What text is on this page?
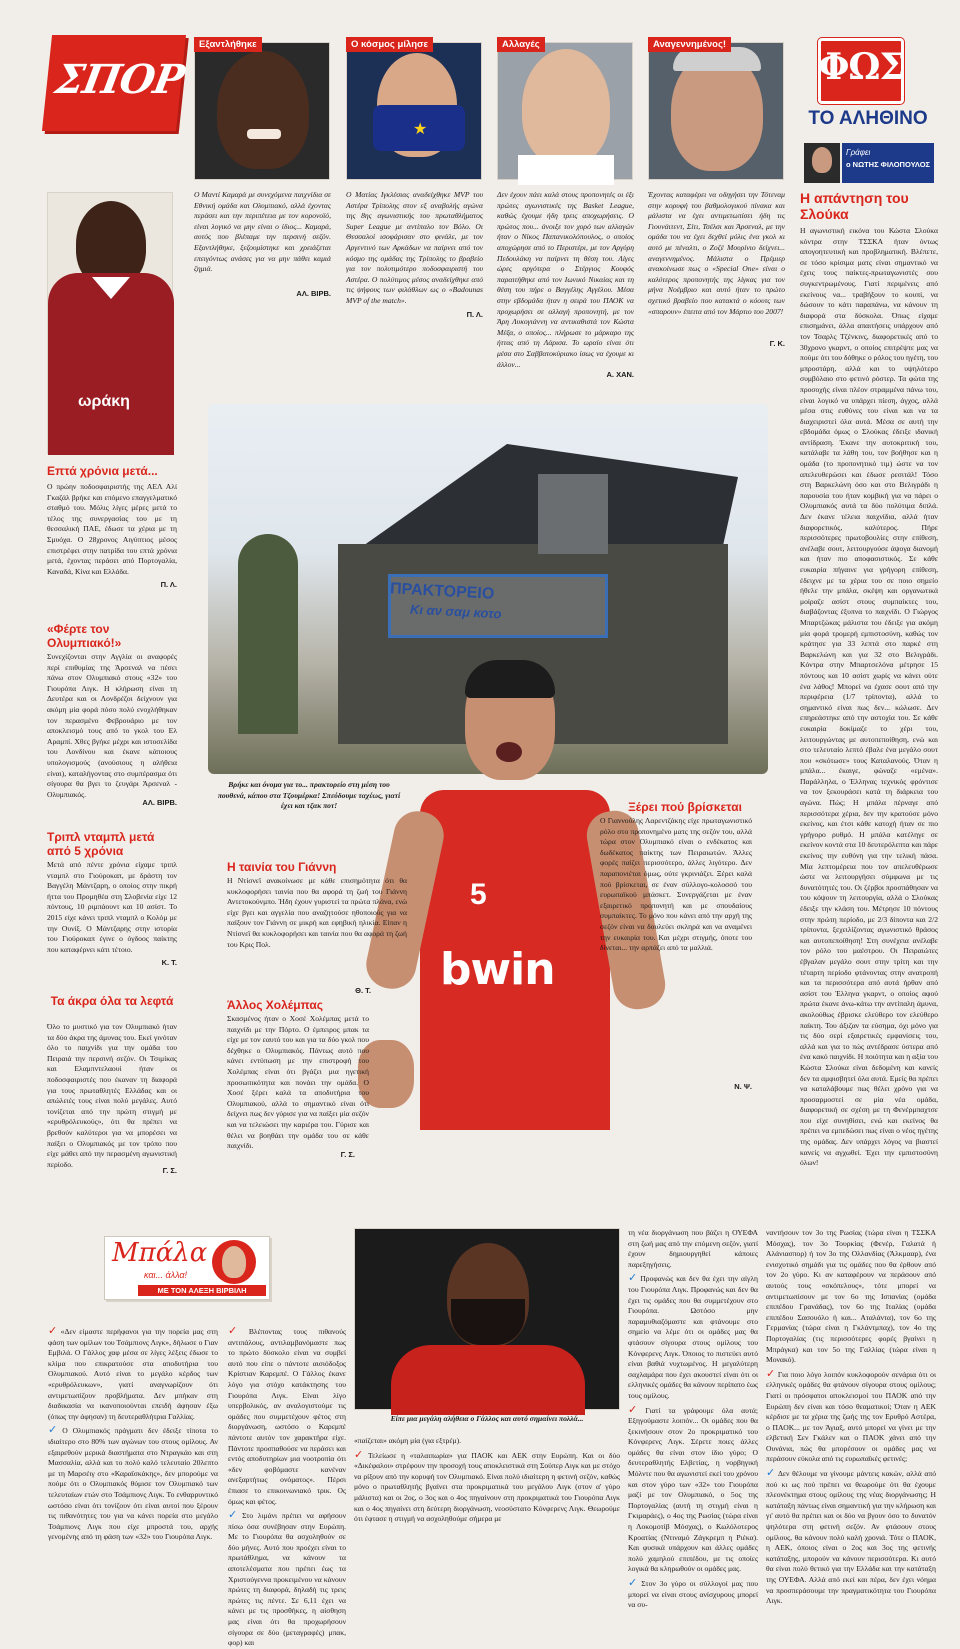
ΣΠΟΡ
Εξαντλήθηκε
★
Ο κόσμος μίλησε	Αλλαγές	Αναγεννημένος!
Ο Μαντί Καμαρά με συνεχόμενα παιχνίδια σε Εθνική ομάδα και Ολυμπιακό, αλλά έχοντας περάσει και την περιπέτεια με τον κορονοϊό, είναι λογικό να μην είναι ο ίδιος... Καμαρά, αυτός που βλέπαμε την περσινή σεζόν. Εξαντλήθηκε, ξεζουμίστηκε και χρειάζεται επειγόντως ανάσες για να μην πάθει καμιά ζημιά.
ΑΛ. ΒΙΡΒ.
Ο Ματίας Ιγκλέσιας αναδείχθηκε MVP του Αστέρα Τρίπολης στον εξ αναβολής αγώνα της 8ης αγωνιστικής του πρωταθλήματος Super League με αντίπαλο τον Βόλο. Οι Θεσσαλοί ισοφάρισαν στο φινάλε, με τον Αργεντινό των Αρκάδων να παίρνει από τον κόσμο της ομάδας της Τρίπολης το βραβείο για τον πολυτιμότερο ποδοσφαιριστή του Αστέρα. Ο πολύτιμος μέσος αναδείχθηκε από τις ψήφους των φιλάθλων ως ο «Badounas MVP of the match».
Π. Λ.
Δεν έχουν πάει καλά στους προπονητές οι έξι πρώτες αγωνιστικές της Basket League, καθώς έχουμε ήδη τρεις αποχωρήσεις. Ο πρώτος που... άνοιξε τον χορό των αλλαγών ήταν ο Νίκος Παπανικολόπουλος, ο οποίος αποχώρησε από το Περιστέρι, με τον Αργύρη Πεδουλάκη να παίρνει τη θέση του. Λίγες ώρες αργότερα ο Στέργιος Κουφός παραιτήθηκε από τον Ιωνικό Νικαίας και τη θέση του πήρε ο Βαγγέλης Αγγέλου. Μέσα στην εβδομάδα ήταν η σειρά του ΠΑΟΚ να προχωρήσει σε αλλαγή προπονητή, με τον Άρη Λυκογιάννη να αντικαθιστά τον Κώστα Μέξα, ο οποίος... πλήρωσε το μάρκαρο της ήττας από τη Λάρισα. Το ωραίο είναι ότι μέσα στο Σαββατοκύριακο ίσως να έχουμε κι άλλον...
Α. ΧΑΝ.
Έχοντας καταφέρει να οδηγήσει την Τότεναμ στην κορυφή του βαθμολογικού πίνακα και μάλιστα να έχει αντιμετωπίσει ήδη τις Γιουνάιτεντ, Σίτι, Τσέλσι και Άρσεναλ, με την ομάδα του να έχει δεχθεί μόλις ένα γκολ κι αυτό με πέναλτι, ο Ζοζέ Μουρίνιο δείχνει... αναγεννημένος. Μάλιστα ο Πρέμιερ ανακοίνωσε πως ο «Special One» είναι ο καλύτερος προπονητής της λίγκας για τον μήνα Νοέμβριο και αυτό ήταν το πρώτο σχετικό βραβείο που κατακτά ο κόουτς των «σπαρουν» έπειτα από τον Μάρτιο του 2007!
Γ. Κ.
ΦΩΣ
ΤΟ ΑΛΗΘΙΝΟ
Γράφει
ο ΝΩΤΗΣ ΦΙΛΟΠΟΥΛΟΣ
Η απάντηση του Σλούκα
Η αγωνιστική εικόνα του Κώστα Σλούκα κόντρα στην ΤΣΣΚΑ ήταν όντως απογοητευτική και προβληματική. Βλέπετε, σε τόσο κρίσιμα ματς είναι σημαντικό να έχεις τους παίκτες-πρωταγωνιστές σου συγκεντρωμένους. Γιατί περιμένεις από εκείνους να... τραβήξουν το κουπί, να δώσουν το κάτι παραπάνω, να κάνουν τη διαφορά στα δύσκολα. Όπως είχαμε επισημάνει, άλλα απαιτήσεις υπάρχουν από τον Τσαρλς Τζένκινς, διαφορετικές από το 30χρονο γκαρντ, ο οποίος επιτρέψτε μας να πούμε ότι του δόθηκε ο ρόλος του ηγέτη, του μπροστάρη, αλλά και το υψηλότερο συμβόλαιο στο φετινό ρόστερ. Τα φώτα της προσοχής είναι πλέον στραμμένα πάνω του, είναι λογικό να υπάρχει πίεση, άγχος, αλλά μέσα στις ευθύνες του είναι και να τα διαχειριστεί όλα αυτά. Μέσα σε αυτή την εβδομάδα όμως ο Σλούκας έδειξε ιδανική αντίδραση. Έκανε την αυτοκριτική του, κατάλαβε τα λάθη του, τον βοήθησε και η ομάδα (το προπονητικό τιμ) ώστε να τον απελευθερώσει και έδωσε ρεσιτάλ! Τόσο στη Βαρκελώνη όσο και στο Βελιγράδι η παρουσία του ήταν κομβική για να πάρει ο Ολυμπιακός αυτά τα δύο πολύτιμα διπλά. Δεν έκανε τέλεια παιχνίδια, αλλά ήταν διαφορετικός, καλύτερος. Πήρε περισσότερες πρωτοβουλίες στην επίθεση, ανέλαβε σουτ, λειτουργούσε άψογα διανομή και ήταν πιο αποφασιστικός. Σε κάθε ευκαιρία πήγαινε για γρήγορη επίθεση, έδειχνε με τα χέρια του σε ποιο σημείο ήθελε την μπάλα, σκέψη και οργανωτικά μοίραζε ασίστ στους συμπαίκτες του, διαβάζοντας έξυπνα το παιχνίδι. Ο Γιώργος Μπαρτζώκας μάλιστα του έδειξε για ακόμη μία φορά τρομερή εμπιστοσύνη, καθώς τον κράτησε για 33 λεπτά στο παρκέ στη Βαρκελώνη και για 32 στο Βελιγράδι. Κόντρα στην Μπαρτσελόνα μέτρησε 15 πόντους και 10 ασίστ χωρίς να κάνει ούτε ένα λάθος! Μπορεί να έχασε σουτ από την περιφέρεια (1/7 τρίποντα), αλλά το σημαντικό είναι πως δεν... κώλωσε. Δεν επηρεάστηκε από την αστοχία του. Σε κάθε ευκαιρία δοκίμαζε το χέρι του, λειτουργώντας με αυτοπεποίθηση, ενώ και στο τελευταίο λεπτό έβαλε ένα μεγάλο σουτ που «σκότωσε» τους Καταλανούς. Όταν η μπάλα... έκαιγε, φώναζε «εμένα». Παράλληλα, ο Έλληνας τεχνικός φρόντισε να τον ξεκουράσει κατά τη διάρκεια του αγώνα. Πώς; Η μπάλα πέρναγε από περισσότερα χέρια, δεν την κρατούσε μόνο εκείνος, και έτσι κάθε κατοχή ήταν σε πιο γρήγορο ρυθμό. Η μπάλα κατέληγε σε εκείνον κοντά στα 10 δευτερόλεπτα και πάρε εκείνος την ευθύνη για την τελική πάσα. Μία λεπτομέρεια που τον απελευθέρωσε ώστε να λειτουργήσει σύμφωνα με τις δυνατότητές του. Οι ζέρβοι προσπάθησαν να του κόψουν τη λειτουργία, αλλά ο Σλούκας έδειξε την κλάση του. Μέτρησε 10 πόντους στην πρώτη περίοδο, με 2/3 δίποντα και 2/2 τρίποντα, ξεχειλίζοντας αγωνιστικό θράσος και αυτοπεποίθηση! Στη συνέχεια ανέλαβε τον ρόλο του μαέστρου. Οι Πειραιώτες έβγαλαν μεγάλο σουτ στην τρίτη και την τέταρτη περίοδο φτάνοντας στην ανατροπή και τα περισσότερα από αυτά ήρθαν από ασίστ του Έλληνα γκαρντ, ο οποίος αφού πρώτα έκανε άνω-κάτω την αντίπαλη άμυνα, ακολούθως έβρισκε ελεύθερο τον ελεύθερο παίκτη. Του άξιζαν τα εύσημα, όχι μόνο για τις δύο σερί εξαιρετικές εμφανίσεις του, αλλά και για το πώς αντέδρασε ύστερα από ένα κακό παιχνίδι. Η ποιότητα και η αξία του Κώστα Σλούκα είναι δεδομένη και κανείς δεν τα αμφισβητεί όλα αυτά. Εμείς θα πρέπει να καταλάβουμε πως θέλει χρόνο για να προσαρμοστεί σε μία νέα ομάδα, διαφορετική σε σχέση με τη Φενέρμπαχτσε που είχε συνηθίσει, ενώ και εκείνος θα πρέπει να εμπεδώσει πως είναι ο νέος ηγέτης της ομάδας. Δεν υπάρχει λόγος να βιαστεί κανείς να αγχωθεί. Έχει την εμπιστοσύνη όλων!
ωράκη
Επτά χρόνια μετά...
Ο πρώην ποδοσφαιριστής της ΑΕΛ Αλί Γκαζάλ βρήκε και επόμενο επαγγελματικό σταθμό του. Μόλις λίγες μέρες μετά το τέλος της συνεργασίας του με τη θεσσαλική ΠΑΕ, έδωσε τα χέρια με τη Σμυόχα. Ο 28χρονος Αιγύπτιος μέσος επιστρέφει στην πατρίδα του επτά χρόνια μετά, έχοντας περάσει από Πορτογαλία, Καναδά, Κίνα και Ελλάδα.
Π. Λ.
«Φέρτε τον Ολυμπιακό!»
Συνεχίζονται στην Αγγλία οι αναφορές περί επιθυμίας της Άρσεναλ να πέσει πάνω στον Ολυμπιακό στους «32» του Γιουρόπα Λιγκ. Η κλήρωση είναι τη Δευτέρα και οι Λονδρέζοι δείχνουν για ακόμη μία φορά πόσο πολύ ενοχλήθηκαν τον περασμένο Φεβρουάριο με τον αποκλεισμό τους από το γκολ του Ελ Αραμπί. Χθες βγήκε μέχρι και ιστοσελίδα του Λονδίνου και έκανε κάποιους υπολογισμούς (ανούσιους η αλήθεια είναι), καταλήγοντας στο συμπέρασμα ότι σίγουρα θα βγει το ζευγάρι Άρσεναλ - Ολυμπιακός.
ΑΛ. ΒΙΡΒ.
Τριπλ νταμπλ μετά από 5 χρόνια
Μετά από πέντε χρόνια είχαμε τριπλ νταμπλ στο Γιούροκαπ, με δράστη τον Βαγγέλη Μάντζαρη, ο οποίος στην πικρή ήττα του Προμηθέα στη Σλοβενία είχε 12 πόντους, 10 ριμπάουντ και 10 ασίστ. Το 2015 είχε κάνει τριπλ νταμπλ ο Κολόμ με την Ουνίξ. Ο Μάντζαρης στην ιστορία του Γιούροκαπ έγινε ο όγδοος παίκτης που καταφέρνει κάτι τέτοιο.
Κ. Τ.
Τα άκρα όλα τα λεφτά
Όλο το μυστικό για τον Ολυμπιακό ήταν τα δύο άκρα της άμυνας του. Εκεί γινόταν όλο το παιχνίδι για την ομάδα του Πειραιά την περσινή σεζόν. Οι Τσιμίκας και Ελαμπντελαουί ήταν οι ποδοσφαιριστές που έκαναν τη διαφορά για τους πρωταθλητές Ελλάδας και οι απώλειές τους είναι πολύ μεγάλες. Αυτό τονίζεται από την πρώτη στιγμή με «ερυθρόλευκούς», ότι θα πρέπει να βρεθούν καλύτεροι για να μπορέσει να παίξει ο Ολυμπιακός με τον τρόπο που είχε μάθει από την περασμένη αγωνιστική περίοδο.
Γ. Σ.
ΠΡΑΚΤΟΡΕΙΟ
Κι αν σαμ κοτο
Βρήκε και όνομα για το... πρακτορείο στη μέση του πουθενά, κάπου στα Τζουμέρκα! Σπεύδουμε ταχέως, γιατί έχει και τζακ ποτ!
5
bwin
Η ταινία του Γιάννη
Η Ντίσνεϊ ανακοίνωσε με κάθε επισημότητα ότι θα κυκλοφορήσει ταινία που θα αφορά τη ζωή του Γιάννη Αντετοκούνμπο. Ήδη έχουν γυριστεί τα πρώτα πλάνα, ενώ είχε βγει και αγγελία που αναζητούσε ηθοποιούς για να παίξουν τον Γιάννη σε μικρή και εφηβική ηλικία. Είπαν η Ντίσνεϊ θα κυκλοφορήσει και ταινία που θα αφορά τη ζωή του Κρις Πολ.
Θ. Τ.
Άλλος Χολέμπας
Σκασμένος ήταν ο Χοσέ Χολέμπας μετά το παιχνίδι με την Πόρτο. Ο έμπειρος μπακ τα είχε με τον εαυτό του και για τα δύο γκολ που δέχθηκε ο Ολυμπιακός. Πάντως αυτό που κάνει εντύπωση με την επιστροφή του Χολέμπας είναι ότι βγάζει μια ηγετική προσωπικότητα και πονάει την ομάδα. Ο Χοσέ ξέρει καλά τα αποδυτήρια του Ολυμπιακού, αλλά το σημαντικό είναι ότι δείχνει πως δεν γύρισε για να παίξει μία σεζόν και να τελειώσει την καριέρα του. Γύρισε και θέλει να βοηθάει την ομάδα του σε κάθε παιχνίδι.
Γ. Σ.
Ξέρει πού βρίσκεται
Ο Γιαννούλης Λαρεντζάκης είχε πρωταγωνιστικό ρόλο στο προπονημένο ματς της σεζόν του, αλλά τώρα στον Ολυμπιακό είναι ο ενδέκατος και δωδέκατος παίκτης των Πειραιωτών. Άλλες φορές παίζει περισσότερο, άλλες λιγότερο. Δεν παραπονιέται όμως, ούτε γκρινιάζει. Ξέρει καλά πού βρίσκεται, σε έναν σύλλογο-κολοσσό του ευρωπαϊκού μπάσκετ. Συνεργάζεται με έναν εξαιρετικό προπονητή και με σπουδαίους συμπαίκτες. Το μόνο που κάνει από την αρχή της σεζόν είναι να δουλεύει σκληρά και να αναμένει την ευκαιρία του. Και μέχρι στιγμής, όποτε του δίνεται... την αρπάζει από τα μαλλιά.
Ν. Ψ.
Μπάλα
και... άλλα!
ΜΕ ΤΟΝ ΑΛΕΞΗ ΒΙΡΒΙΛΗ
Είπε μια μεγάλη αλήθεια ο Γάλλος και αυτό σημαίνει πολλά...

✓ «Δεν είμαστε περήφανοι για την πορεία μας στη φάση των ομίλων του Τσάμπιονς Λιγκ», δήλωσε ο Γιαν Εμβιλά. Ο Γάλλος χαφ μέσα σε λίγες λέξεις έδωσε το κλίμα που επικρατούσε στα αποδυτήρια του Ολυμπιακού. Αυτό είναι το μεγάλο κέρδος των «ερυθρόλευκων», γιατί αναγνωρίζουν ότι αντιμετωπίζουν προβλήματα. Δεν μπήκαν στη διαδικασία να ικανοποιούνται επειδή άφησαν έξω (όπως την άφησαν) τη δευτεραθλήτρια Γαλλίας.

✓ Ο Ολυμπιακός πράγματι δεν έδειξε τίποτα το ιδιαίτερο στο 80% των αγώνων του στους ομίλους. Αν εξαιρεθούν μερικά διαστήματα στο Ντραγκάο και στη Μασσαλία, αλλά και το πολύ καλό τελευταίο 20λεπτο με τη Μαρσέιγ στο «Καραϊσκάκης», δεν μπορούμε να πούμε ότι ο Ολυμπιακός θύμισε τον Ολυμπιακό των τελευταίων ετών στο Τσάμπιονς Λιγκ. Το ενθαρρυντικό ωστόσο είναι ότι τονίζουν ότι είναι αυτοί που ξέρουν τις πιθανότητες του για να κάνει πορεία στο μεγάλο Τσάμπιονς Λιγκ που είχε μπροστά του, αρχής γενομένης από τη φάση των «32» του Γιουρόπα Λιγκ.

✓ Βλέποντας τους πιθανούς αντιπάλους, αντιλαμβανόμαστε πως το πρώτο δύσκολο είναι να συμβεί αυτό που είπε ο πάντοτε αισιόδοξος Κρίστιαν Καρεμπέ. Ο Γάλλος έκανε λόγο για στόχο κατάκτησης του Γιουρόπα Λιγκ. Είναι λίγο υπερβολικός, αν αναλογιστούμε τις ομάδες που συμμετέχουν φέτος στη διοργάνωση, ωστόσο ο Καρεμπέ πάντοτε αυτόν τον χαρακτήρα είχε. Πάντοτε προσπαθούσε να περάσει και εντός αποδυτηρίων μια νοοτροπία ότι «δεν φοβόμαστε κανέναν ανεξαρτήτως ονόματος». Πέρσι έπιασε το επικοινωνιακό τρικ. Ος όμως και φέτος.

✓ Στο λιμάνι πρέπει να αφήσουν πίσω όσα συνέβησαν στην Ευρώπη. Με το Γιουρόπα θα ασχοληθούν σε δύο μήνες. Αυτό που προέχει είναι το πρωτάθλημα, να κάνουν τα αποτελέσματα που πρέπει έως τα Χριστούγεννα προκειμένου να κάνουν πρώτες τη διαφορά, δηλαδή τις τρεις πρώτες τις πέντε. Σε 6,11 έχει να κάνει με τις προσθήκες, η αίσθηση μας είναι ότι θα προχωρήσουν σίγουρα σε δύο (μεταγραφές) μπακ, φορ) και

«παίζεται» ακόμη μία (για εξτρέμ).

✓ Τελείωσε η «ταλαιπωρία» για ΠΑΟΚ και ΑΕΚ στην Ευρώπη. Και οι δύο «Δικέφαλοι» στρέφουν την προσοχή τους αποκλειστικά στη Σούπερ Λιγκ και με στόχο να ρίξουν από την κορυφή τον Ολυμπιακό. Είναι πολύ ιδιαίτερη η φετινή σεζόν, καθώς μόνο ο πρωταθλητής βγαίνει στα προκριματικά του μεγάλου Λιγκ (στον α' γύρο μάλιστα) και οι 2ος, ο 3ος και ο 4ος πηγαίνουν στη προκριματικά του Γιουρόπα Λιγκ και ο 4ος πηγαίνει στη δεύτερη διοργάνωση, νεοσύστατο Κόνφερενς Λιγκ. Θεωρούμε ότι έφτασε η στιγμή να ασχοληθούμε σήμερα με

τη νέα διοργάνωση που βάζει η ΟΥΕΦΑ στη ζωή μας από την επόμενη σεζόν, γιατί έχουν δημιουργηθεί κάποιες παρεξηγήσεις.

✓ Προφανώς και δεν θα έχει την αίγλη του Γιουρόπα Λιγκ. Προφανώς και δεν θα έχει τις ομάδες που θα συμμετέχουν στο Γιουρόπα. Ωστόσο μην παραμυθιαζόμαστε και φτάνουμε στο σημείο να λέμε ότι οι ομάδες μας θα φτάσουν σίγουρα στους ομίλους του Κόνφερενς Λιγκ. Όποιος το πιστεύει αυτό είναι βαθιά νυχτωμένος. Η μεγαλύτερη σαχλαμάρα που έχει ακουστεί είναι ότι οι ελληνικές ομάδες θα κάνουν περίπατο έως τους ομίλους.

✓ Γιατί τα γράφουμε όλα αυτά; Εξηγούμαστε λοιπόν... Οι ομάδες που θα ξεκινήσουν στον 2ο προκριματικό του Κόνφερενς Λιγκ. Σέρετε ποιες άλλες ομάδες θα είναι στον ίδιο γύρο; Ο δευτεραθλητής Ελβετίας, η νορβηγική Μόλντε που θα αγωνιστεί εκεί του χρόνου και στον γύρο των «32» του Γιουρόπα μαζί με τον Ολυμπιακό, ο 5ος της Πορτογαλίας (αυτή τη στιγμή είναι η Γκιμαράες), ο 4ος της Ρωσίας (τώρα είναι η Λοκομοτίβ Μόσχας), ο Κωλόλοτερος Κροατίας (Ντιναμό Ζάγκρεμπ η Ριέκα). Και φυσικά υπάρχουν και άλλες ομάδες πολύ χαμηλού επιπέδου, με τις οποίες λογικά θα κληρωθούν οι ομάδες μας.

✓ Στον 3ο γύρο οι σύλλογοί μας που μπορεί να είναι στους ανίσχυρους μπορεί να συ-

ναντήσουν τον 3ο της Ρωσίας (τώρα είναι η ΤΣΣΚΑ Μόσχας), τον 3ο Τουρκίας (Φενέρ, Γαλατά ή Αλάνιασπορ) ή τον 3ο της Ολλανδίας (Άλκμααρ), ένα ενισχυτικό σημάδι για τις ομάδες που θα έρθουν από τον 2ο γύρο. Κι αν καταφέρουν να περάσουν από αυτούς τους «σκόπελους», τότε μπορεί να αντιμετωπίσουν με τον 6ο της Ισπανίας (ομάδα επιπέδου Γρανάδας), τον 6ο της Ιταλίας (ομάδα επιπέδου Σασουόλο ή και... Αταλάντα), τον 6ο της Γερμανίας (τώρα είναι η Γκλάντμπαχ), τον 4ο της Πορτογαλίας (τις περισσότερες φορές βγαίνει η Μπράγκα) και τον 5ο της Γαλλίας (τώρα είναι η Μονακό).

✓ Για ποιο λόγο λοιπόν κυκλοφορούν σενάρια ότι οι ελληνικές ομάδες θα φτάνουν σίγουρα στους ομίλους; Γιατί οι πρόσφατοι αποκλεισμοί του ΠΑΟΚ από την Ευρώπη δεν είναι και τόσο θεαματικοί; Όταν η ΑΕΚ κέρδισε με τα χέρια της ζωής της τον Ερυθρό Αστέρα, ο ΠΑΟΚ... με τον Άγιαξ, αυτό μπορεί να γίνει με την ελβετική Σεν Γκάλεν και ο ΠΑΟΚ χάνει από την Ουνάνια, πώς θα μπορέσουν οι ομάδες μας να περάσουν εύκολα από τις ευρωπαϊκές φετινές;

✓ Δεν θέλουμε να γίνουμε μάντεις κακών, αλλά από πού κι ως πού πρέπει να θεωρούμε ότι θα έχουμε πλεονέκτημα στους ομίλους της νέας διοργάνωσης; Η κατάταξη πάντως είναι σημαντική για την κλήρωση και γι' αυτό θα πρέπει και οι δύο να βγουν όσο το δυνατόν ψηλότερα στη φετινή σεζόν. Αν φτάσουν στους ομίλους, θα κάνουν πολύ καλή χρονιά. Τότε ο ΠΑΟΚ, η ΑΕΚ, όποιος είναι ο 2ος και 3ος της φετινής κατάταξης, μπορούν να κάνουν περισσότερα. Κι αυτό θα είναι πολύ θετικό για την Ελλάδα και την κατάταξη της ΟΥΕΦΑ. Αλλά από εκεί και πέρα, δεν έχει νόημα να προσπεράσουμε την πραγματικότητα του Γιουρόπα Λιγκ.
